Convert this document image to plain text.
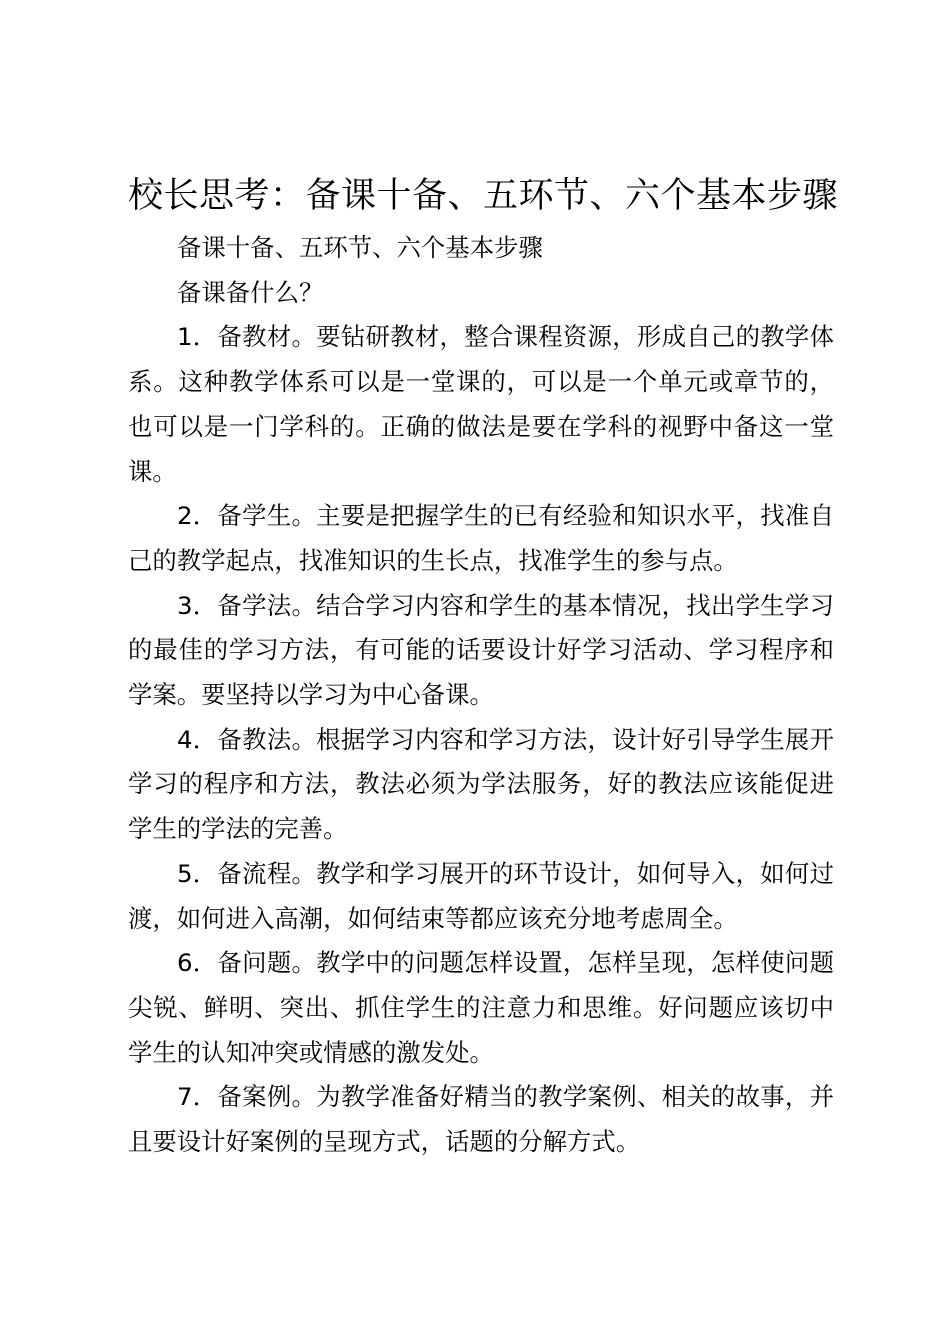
校长思考：备课十备、五环节、六个基本步骤

备课十备、五环节、六个基本步骤

备课备什么？

1．备教材。要钻研教材，整合课程资源，形成自己的教学体系。这种教学体系可以是一堂课的，可以是一个单元或章节的，也可以是一门学科的。正确的做法是要在学科的视野中备这一堂课。

2．备学生。主要是把握学生的已有经验和知识水平，找准自己的教学起点，找准知识的生长点，找准学生的参与点。

3．备学法。结合学习内容和学生的基本情况，找出学生学习的最佳的学习方法，有可能的话要设计好学习活动、学习程序和学案。要坚持以学习为中心备课。

4．备教法。根据学习内容和学习方法，设计好引导学生展开学习的程序和方法，教法必须为学法服务，好的教法应该能促进学生的学法的完善。

5．备流程。教学和学习展开的环节设计，如何导入，如何过渡，如何进入高潮，如何结束等都应该充分地考虑周全。

6．备问题。教学中的问题怎样设置，怎样呈现，怎样使问题尖锐、鲜明、突出、抓住学生的注意力和思维。好问题应该切中学生的认知冲突或情感的激发处。

7．备案例。为教学准备好精当的教学案例、相关的故事，并且要设计好案例的呈现方式，话题的分解方式。
